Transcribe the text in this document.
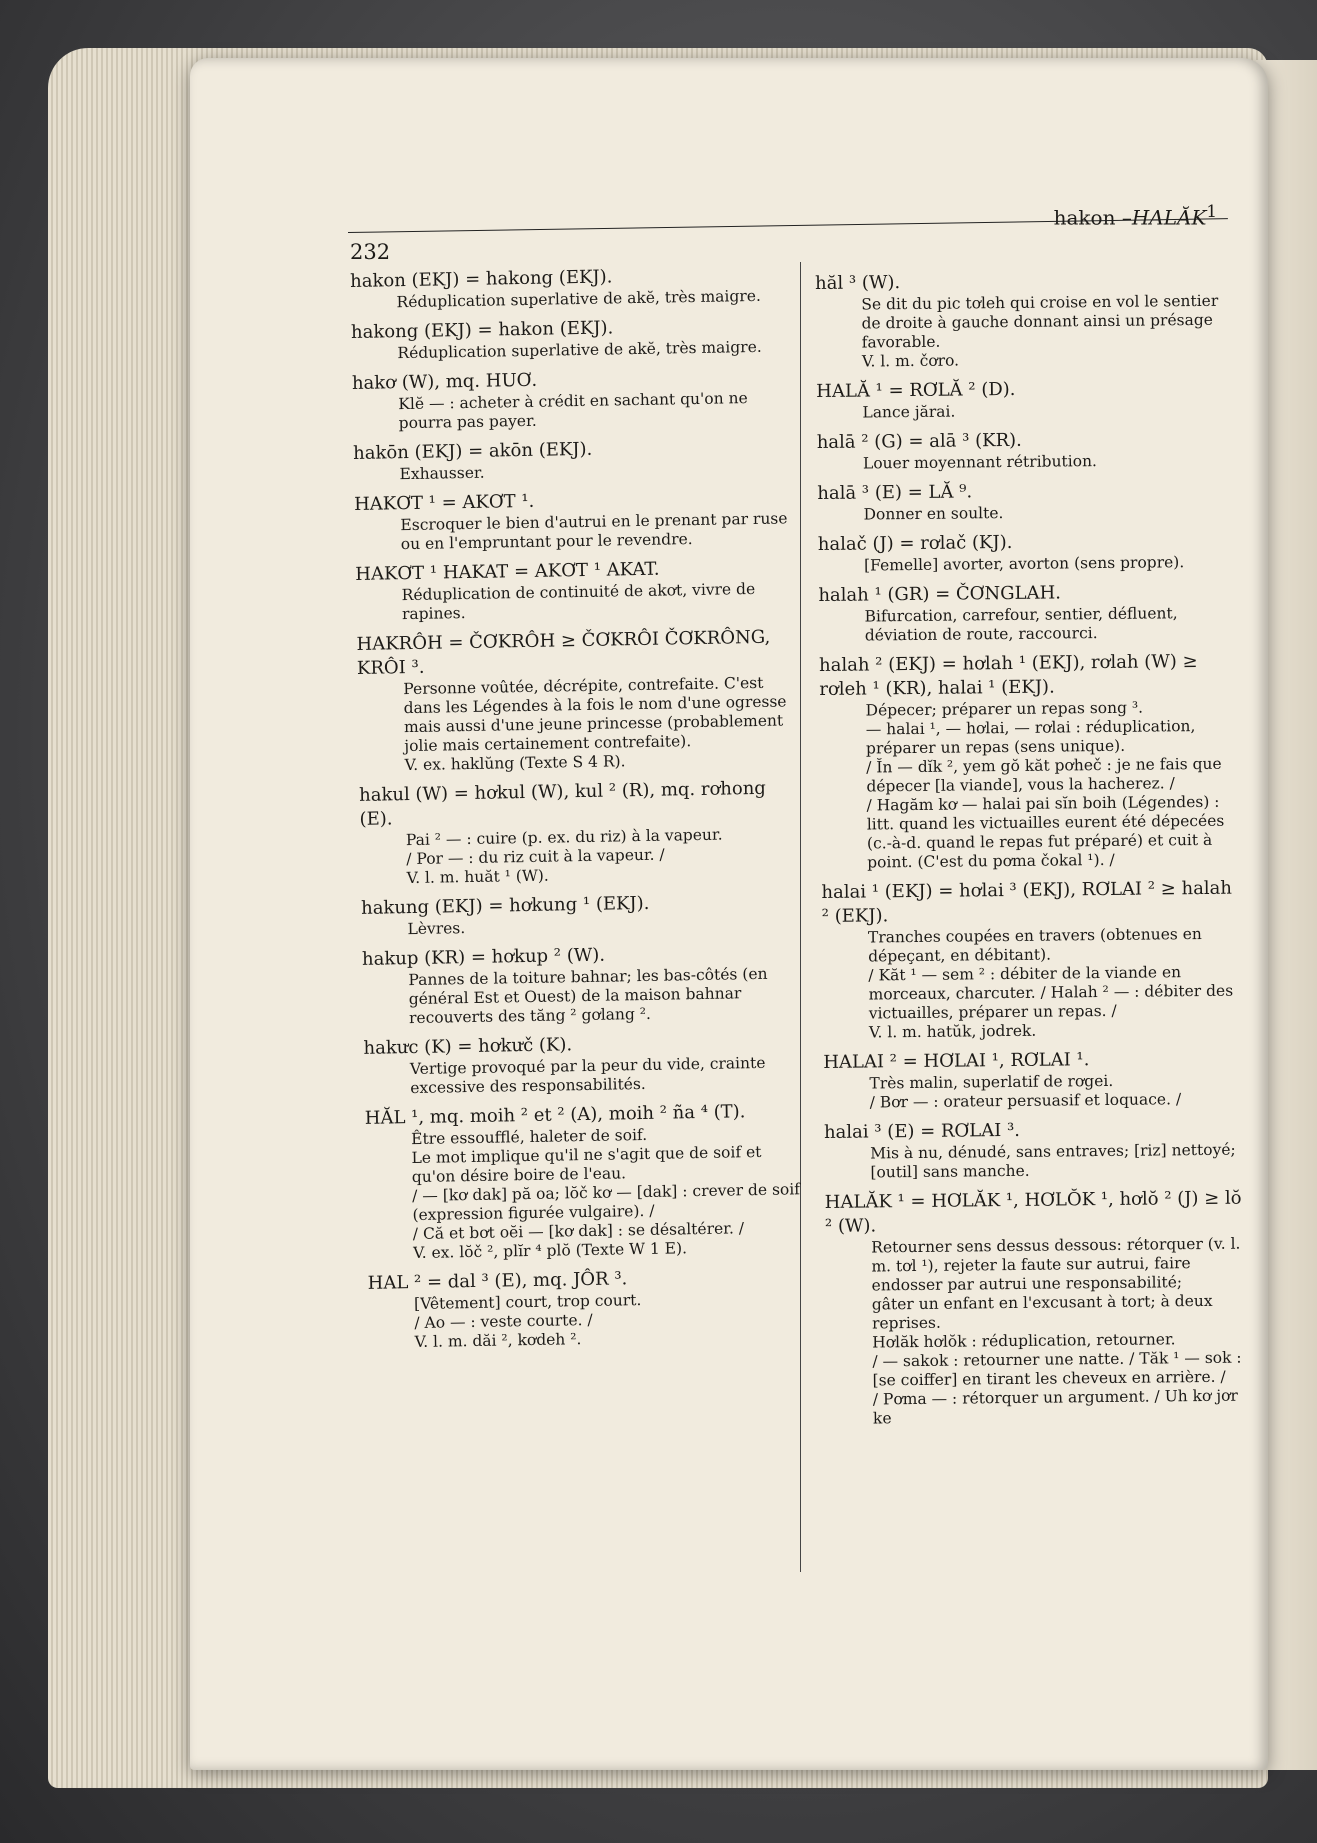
hakon –HALĂK$^1$
232
hakon (EKJ) = hakong (EKJ).
Réduplication superlative de akĕ, très maigre.
hakong (EKJ) = hakon (EKJ).
Réduplication superlative de akĕ, très maigre.
hakơ (W), mq. HUƠ.
Klĕ — : acheter à crédit en sachant qu'on ne pourra pas payer.
hakōn (EKJ) = akōn (EKJ).
Exhausser.
HAKƠT ¹ = AKƠT ¹.
Escroquer le bien d'autrui en le prenant par ruse ou en l'empruntant pour le revendre.
HAKƠT ¹ HAKAT = AKƠT ¹ AKAT.
Réduplication de continuité de akơt, vivre de rapines.
HAKRÔH = ČƠKRÔH ≥ ČƠKRÔI ČƠKRÔNG, KRÔI ³.
Personne voûtée, décrépite, contrefaite. C'est dans les Légendes à la fois le nom d'une ogresse mais aussi d'une jeune princesse (probablement jolie mais certainement contrefaite).
V. ex. haklŭng (Texte S 4 R).
hakul (W) = hơkul (W), kul ² (R), mq. rơhong (E).
Pai ² — : cuire (p. ex. du riz) à la vapeur.
/ Por — : du riz cuit à la vapeur. /
V. l. m. huăt ¹ (W).
hakung (EKJ) = hơkung ¹ (EKJ).
Lèvres.
hakup (KR) = hơkup ² (W).
Pannes de la toiture bahnar; les bas-côtés (en général Est et Ouest) de la maison bahnar recouverts des tăng ² gơlang ².
hakưc (K) = hơkưč (K).
Vertige provoqué par la peur du vide, crainte excessive des responsabilités.
HĂL ¹, mq. moih ² et ² (A), moih ² ña ⁴ (T).
Être essoufflé, haleter de soif.
Le mot implique qu'il ne s'agit que de soif et qu'on désire boire de l'eau.
/ — [kơ dak] pă oa; lŏč kơ — [dak] : crever de soif (expression figurée vulgaire). /
/ Că et bơt oĕi — [kơ dak] : se désaltérer. /
V. ex. lŏč ², plĭr ⁴ plŏ (Texte W 1 E).
HAL ² = dal ³ (E), mq. JÔR ³.
[Vêtement] court, trop court.
/ Ao — : veste courte. /
V. l. m. dăi ², kơdeh ².
hăl ³ (W).
Se dit du pic tơleh qui croise en vol le sentier de droite à gauche donnant ainsi un présage favorable.
V. l. m. čơro.
HALĂ ¹ = RƠLĂ ² (D).
Lance jărai.
halā ² (G) = alā ³ (KR).
Louer moyennant rétribution.
halā ³ (E) = LĂ ⁹.
Donner en soulte.
halač (J) = rơlač (KJ).
[Femelle] avorter, avorton (sens propre).
halah ¹ (GR) = ČƠNGLAH.
Bifurcation, carrefour, sentier, défluent, déviation de route, raccourci.
halah ² (EKJ) = hơlah ¹ (EKJ), rơlah (W) ≥ rơleh ¹ (KR), halai ¹ (EKJ).
Dépecer; préparer un repas song ³.
— halai ¹, — hơlai, — rơlai : réduplication, préparer un repas (sens unique).
/ Ĭn — dĭk ², yem gŏ kăt pơheč : je ne fais que dépecer [la viande], vous la hacherez. /
/ Hagăm kơ — halai pai sĭn boih (Légendes) : litt. quand les victuailles eurent été dépecées (c.-à-d. quand le repas fut préparé) et cuit à point. (C'est du pơma čokal ¹). /
halai ¹ (EKJ) = hơlai ³ (EKJ), RƠLAI ² ≥ halah ² (EKJ).
Tranches coupées en travers (obtenues en dépeçant, en débitant).
/ Kăt ¹ — sem ² : débiter de la viande en morceaux, charcuter. / Halah ² — : débiter des victuailles, préparer un repas. /
V. l. m. hatŭk, jodrek.
HALAI ² = HƠLAI ¹, RƠLAI ¹.
Très malin, superlatif de rơgei.
/ Bơr — : orateur persuasif et loquace. /
halai ³ (E) = RƠLAI ³.
Mis à nu, dénudé, sans entraves; [riz] nettoyé; [outil] sans manche.
HALĂK ¹ = HƠLĂK ¹, HƠLŎK ¹, hơlŏ ² (J) ≥ lŏ ² (W).
Retourner sens dessus dessous: rétorquer (v. l. m. tơl ¹), rejeter la faute sur autrui, faire endosser par autrui une responsabilité;
gâter un enfant en l'excusant à tort; à deux reprises.
Hơlăk hơlŏk : réduplication, retourner.
/ — sakok : retourner une natte. / Tăk ¹ — sok : [se coiffer] en tirant les cheveux en arrière. /
/ Pơma — : rétorquer un argument. / Uh kơ jơr ke
